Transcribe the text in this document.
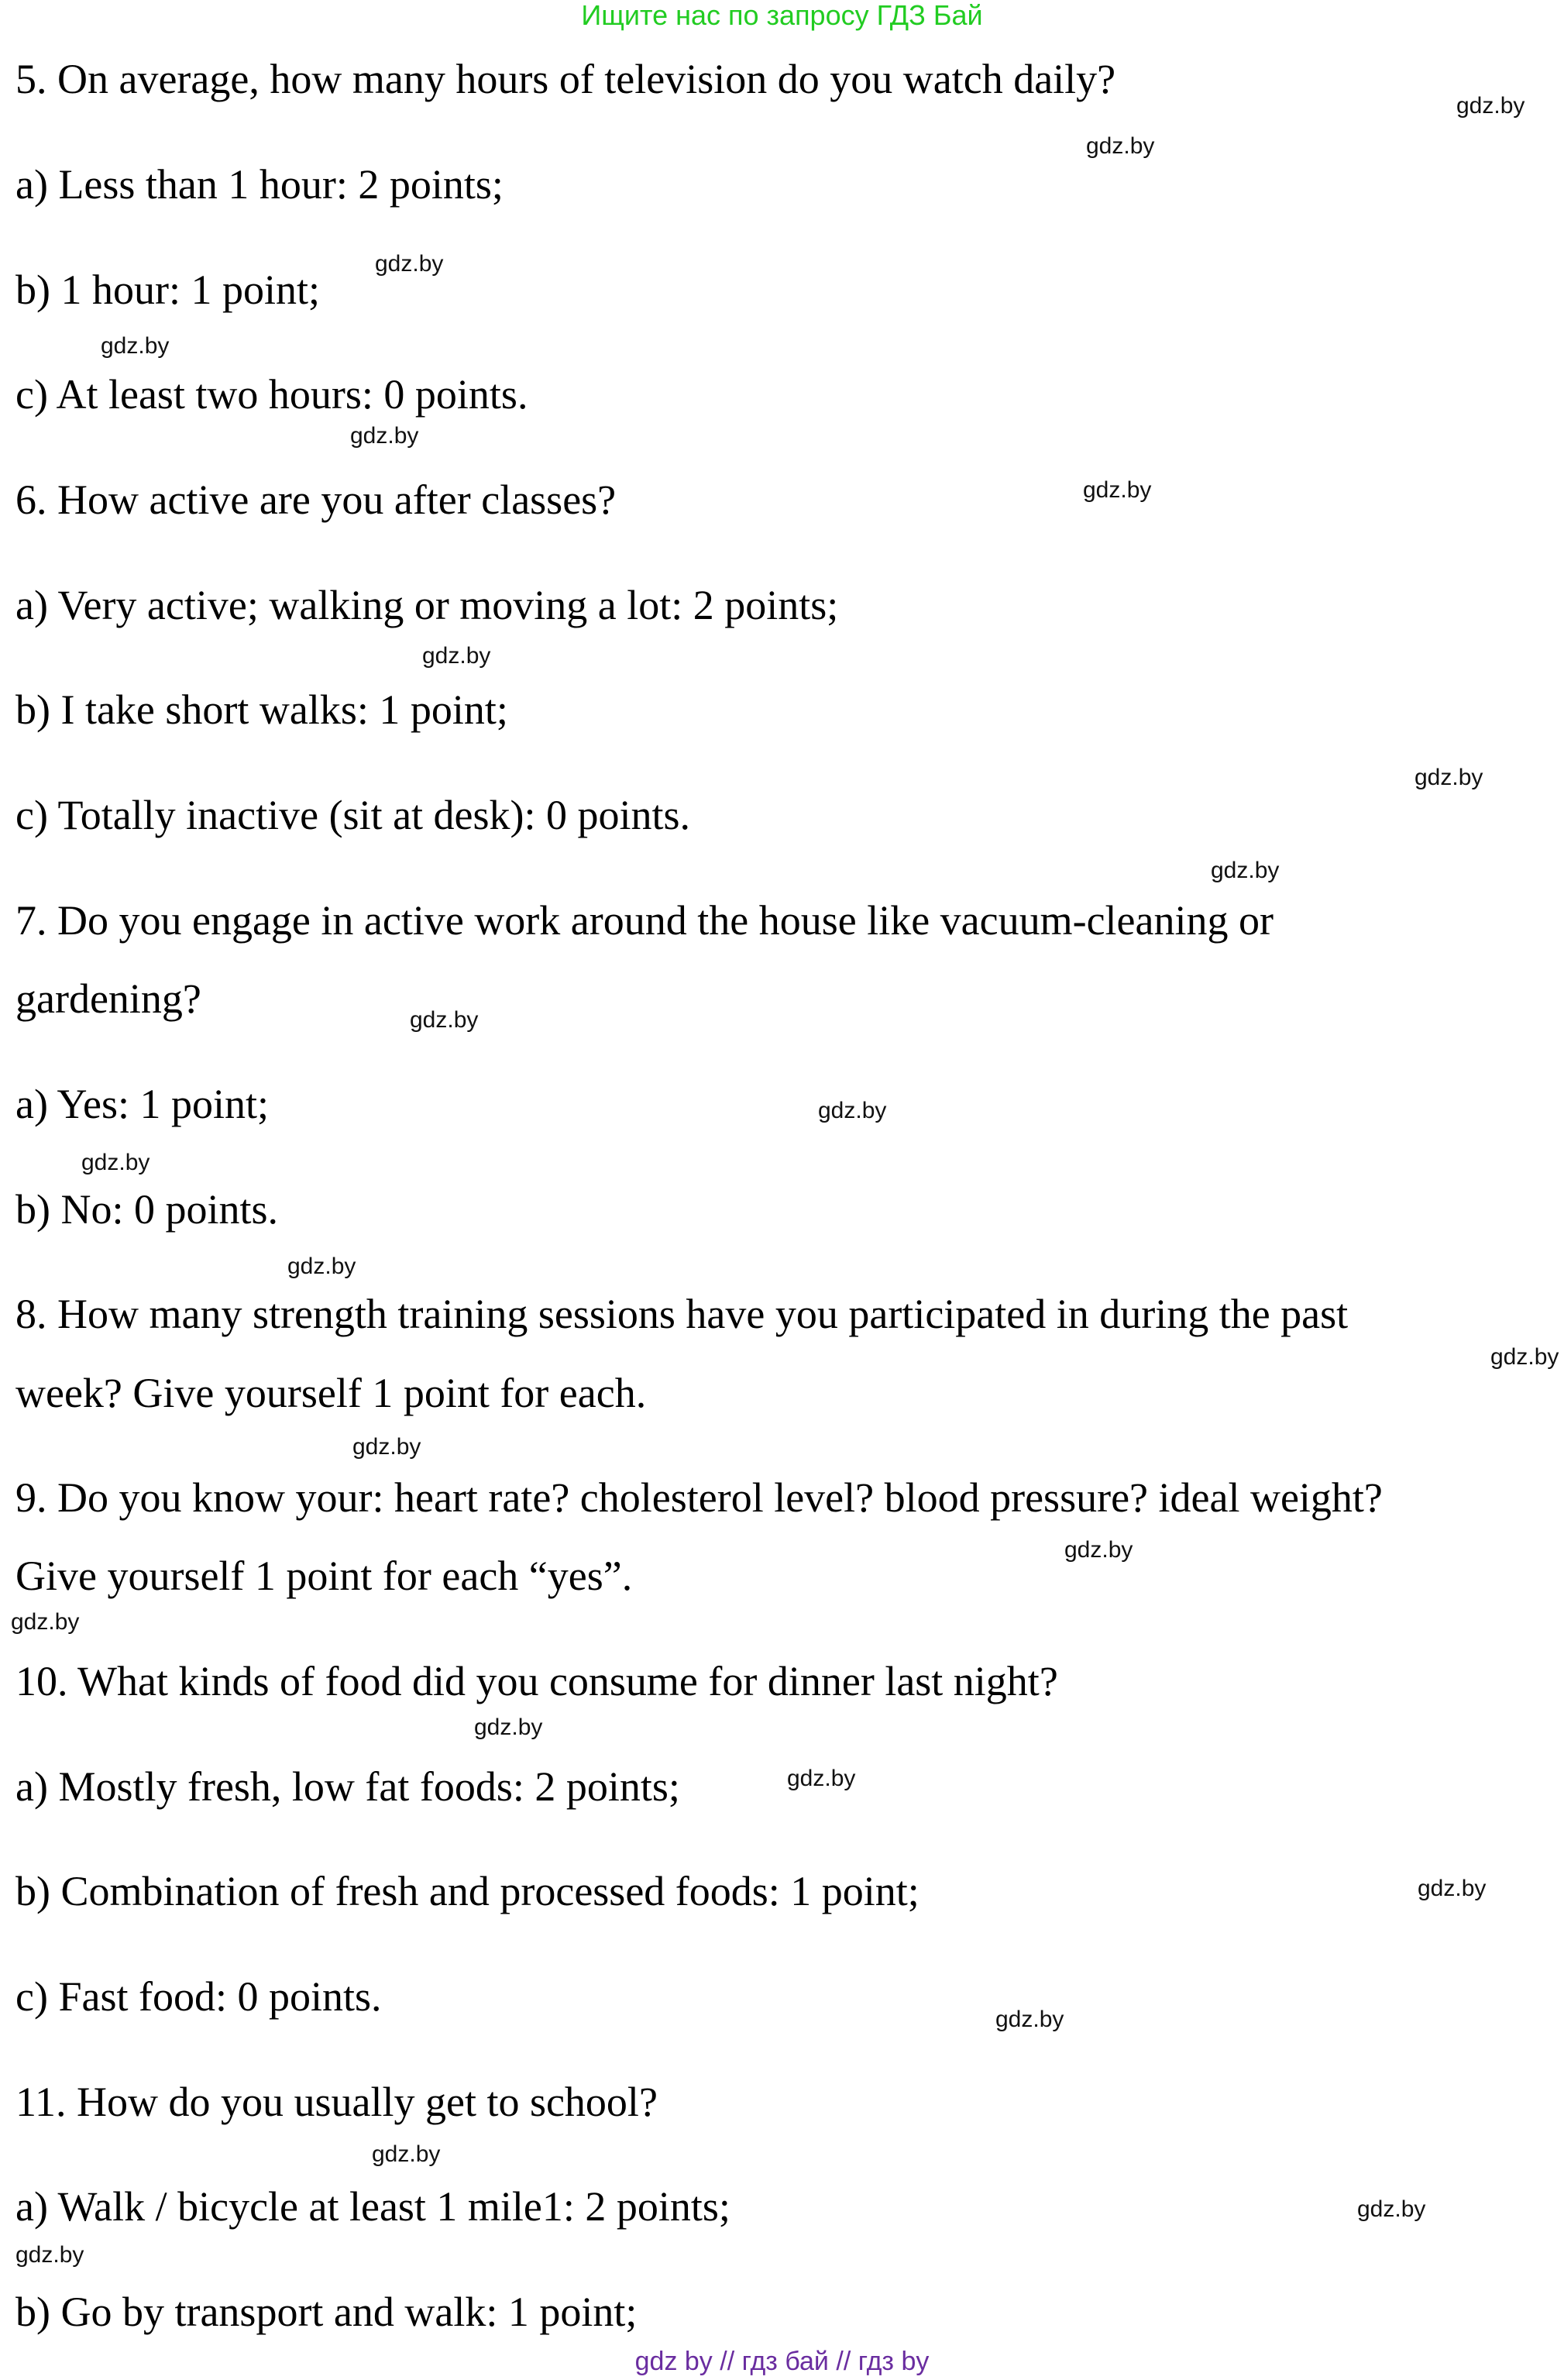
Ищите нас по запросу ГДЗ Бай
5. On average, how many hours of television do you watch daily?
a) Less than 1 hour: 2 points;
b) 1 hour: 1 point;
c) At least two hours: 0 points.
6. How active are you after classes?
a) Very active; walking or moving a lot: 2 points;
b) I take short walks: 1 point;
c) Totally inactive (sit at desk): 0 points.
7. Do you engage in active work around the house like vacuum-cleaning or
gardening?
a) Yes: 1 point;
b) No: 0 points.
8. How many strength training sessions have you participated in during the past
week? Give yourself 1 point for each.
9. Do you know your: heart rate? cholesterol level? blood pressure? ideal weight?
Give yourself 1 point for each “yes”.
10. What kinds of food did you consume for dinner last night?
a) Mostly fresh, low fat foods: 2 points;
b) Combination of fresh and processed foods: 1 point;
c) Fast food: 0 points.
11. How do you usually get to school?
a) Walk / bicycle at least 1 mile1: 2 points;
b) Go by transport and walk: 1 point;
gdz.by
gdz.by
gdz.by
gdz.by
gdz.by
gdz.by
gdz.by
gdz.by
gdz.by
gdz.by
gdz.by
gdz.by
gdz.by
gdz.by
gdz.by
gdz.by
gdz.by
gdz.by
gdz.by
gdz.by
gdz.by
gdz.by
gdz.by
gdz.by
gdz by // гдз бай // гдз by
